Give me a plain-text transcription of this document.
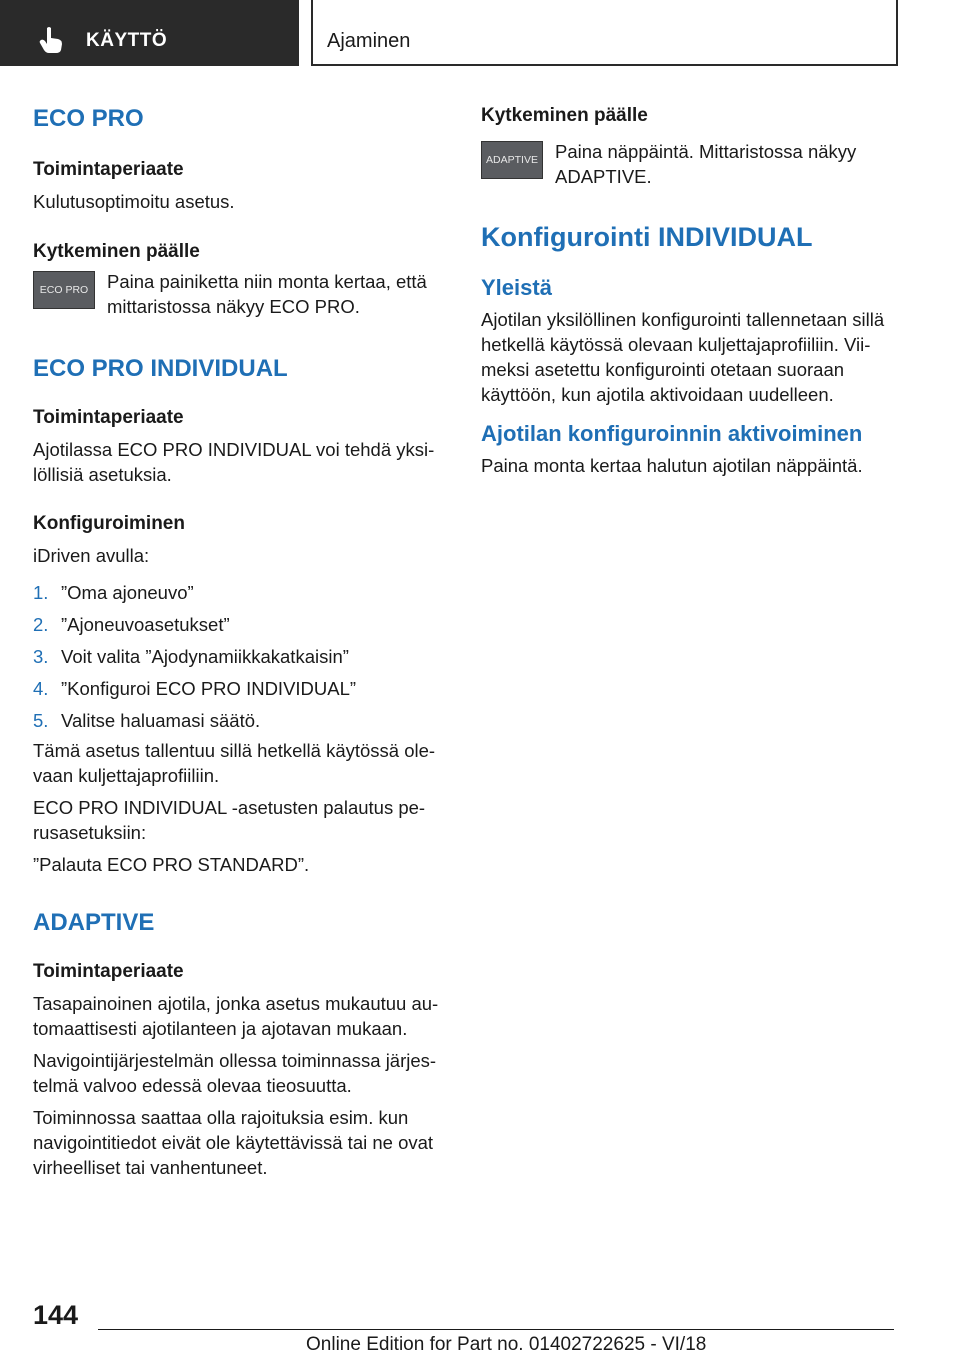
KÄYTTÖ	Ajaminen
ECO PRO
Toimintaperiaate

Kulutusoptimoitu asetus.

Kytkeminen päälle
ECO PRO	Paina painiketta niin monta kertaa, että mittaristossa näkyy ECO PRO.

ECO PRO INDIVIDUAL
Toimintaperiaate

Ajotilassa ECO PRO INDIVIDUAL voi tehdä yksi-löllisiä asetuksia.

Konfiguroiminen

iDriven avulla:

1. ”Oma ajoneuvo”
2. ”Ajoneuvoasetukset”
3. Voit valita ”Ajodynamiikkakatkaisin”
4. ”Konfiguroi ECO PRO INDIVIDUAL”
5. Valitse haluamasi säätö.

Tämä asetus tallentuu sillä hetkellä käytössä ole-vaan kuljettajaprofiiliin.

ECO PRO INDIVIDUAL -asetusten palautus pe-rusasetuksiin:

”Palauta ECO PRO STANDARD”.

ADAPTIVE
Toimintaperiaate

Tasapainoinen ajotila, jonka asetus mukautuu au-tomaattisesti ajotilanteen ja ajotavan mukaan.

Navigointijärjestelmän ollessa toiminnassa järjes-telmä valvoo edessä olevaa tieosuutta.

Toiminnossa saattaa olla rajoituksia esim. kun navigointitiedot eivät ole käytettävissä tai ne ovat virheelliset tai vanhentuneet.

Kytkeminen päälle
ADAPTIVE Paina näppäintä. Mittaristossa näkyy ADAPTIVE.

Konfigurointi INDIVIDUAL
Yleistä

Ajotilan yksilöllinen konfigurointi tallennetaan sillä hetkellä käytössä olevaan kuljettajaprofiiliin. Vii-meksi asetettu konfigurointi otetaan suoraan käyttöön, kun ajotila aktivoidaan uudelleen.

Ajotilan konfiguroinnin aktivoiminen

Paina monta kertaa halutun ajotilan näppäintä.

144
Online Edition for Part no. 01402722625 - VI/18
